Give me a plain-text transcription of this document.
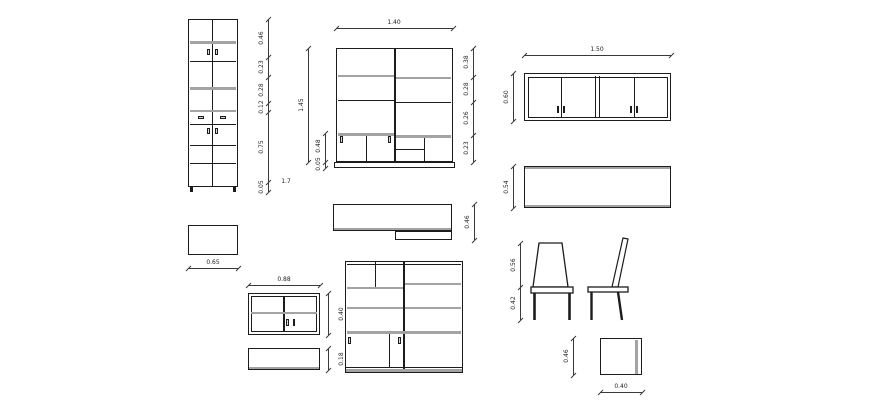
0.46
0.23
0.28
0.12
0.75
0.05	1.7
0.65
1.40
1.45
0.48
0.05
0.38
0.28
0.26
0.23
0.46
1.50
0.60
0.54
0.56
0.42
0.46
0.40
0.88
0.40
0.18
